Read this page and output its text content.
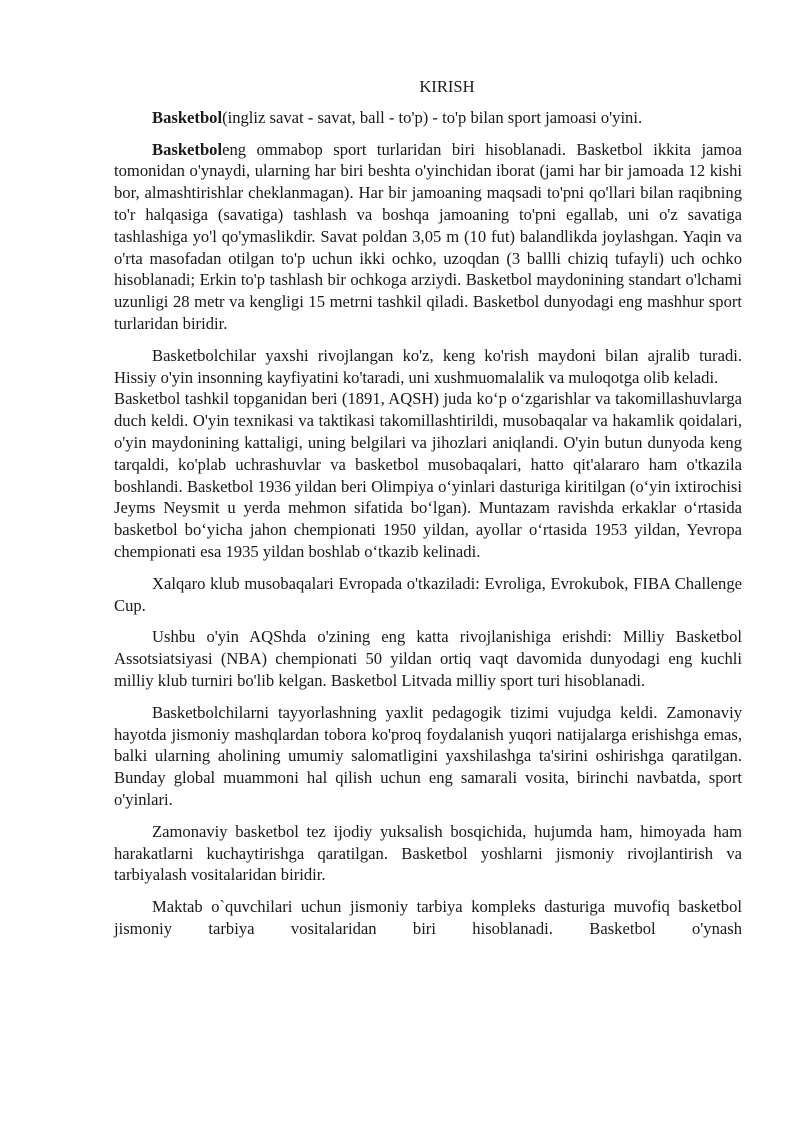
KIRISH

Basketbol(ingliz savat - savat, ball - to'p) - to'p bilan sport jamoasi o'yini.

Basketboleng ommabop sport turlaridan biri hisoblanadi. Basketbol ikkita jamoa tomonidan o'ynaydi, ularning har biri beshta o'yinchidan iborat (jami har bir jamoada 12 kishi bor, almashtirishlar cheklanmagan). Har bir jamoaning maqsadi to'pni qo'llari bilan raqibning to'r halqasiga (savatiga) tashlash va boshqa jamoaning to'pni egallab, uni o'z savatiga tashlashiga yo'l qo'ymaslikdir. Savat poldan 3,05 m (10 fut) balandlikda joylashgan. Yaqin va o'rta masofadan otilgan to'p uchun ikki ochko, uzoqdan (3 ballli chiziq tufayli) uch ochko hisoblanadi; Erkin to'p tashlash bir ochkoga arziydi. Basketbol maydonining standart o'lchami uzunligi 28 metr va kengligi 15 metrni tashkil qiladi. Basketbol dunyodagi eng mashhur sport turlaridan biridir.

Basketbolchilar yaxshi rivojlangan ko'z, keng ko'rish maydoni bilan ajralib turadi. Hissiy o'yin insonning kayfiyatini ko'taradi, uni xushmuomalalik va muloqotga olib keladi.
Basketbol tashkil topganidan beri (1891, AQSH) juda ko‘p o‘zgarishlar va takomillashuvlarga duch keldi. O'yin texnikasi va taktikasi takomillashtirildi, musobaqalar va hakamlik qoidalari, o'yin maydonining kattaligi, uning belgilari va jihozlari aniqlandi. O'yin butun dunyoda keng tarqaldi, ko'plab uchrashuvlar va basketbol musobaqalari, hatto qit'alararo ham o'tkazila boshlandi. Basketbol 1936 yildan beri Olimpiya o‘yinlari dasturiga kiritilgan (o‘yin ixtirochisi Jeyms Neysmit u yerda mehmon sifatida bo‘lgan). Muntazam ravishda erkaklar o‘rtasida basketbol bo‘yicha jahon chempionati 1950 yildan, ayollar o‘rtasida 1953 yildan, Yevropa chempionati esa 1935 yildan boshlab o‘tkazib kelinadi.

Xalqaro klub musobaqalari Evropada o'tkaziladi: Evroliga, Evrokubok, FIBA Challenge Cup.

Ushbu o'yin AQShda o'zining eng katta rivojlanishiga erishdi: Milliy Basketbol Assotsiatsiyasi (NBA) chempionati 50 yildan ortiq vaqt davomida dunyodagi eng kuchli milliy klub turniri bo'lib kelgan. Basketbol Litvada milliy sport turi hisoblanadi.

Basketbolchilarni tayyorlashning yaxlit pedagogik tizimi vujudga keldi. Zamonaviy hayotda jismoniy mashqlardan tobora ko'proq foydalanish yuqori natijalarga erishishga emas, balki ularning aholining umumiy salomatligini yaxshilashga ta'sirini oshirishga qaratilgan. Bunday global muammoni hal qilish uchun eng samarali vosita, birinchi navbatda, sport o'yinlari.

Zamonaviy basketbol tez ijodiy yuksalish bosqichida, hujumda ham, himoyada ham harakatlarni kuchaytirishga qaratilgan. Basketbol yoshlarni jismoniy rivojlantirish va tarbiyalash vositalaridan biridir.

Maktab o`quvchilari uchun jismoniy tarbiya kompleks dasturiga muvofiq basketbol jismoniy tarbiya vositalaridan biri hisoblanadi. Basketbol o'ynash
